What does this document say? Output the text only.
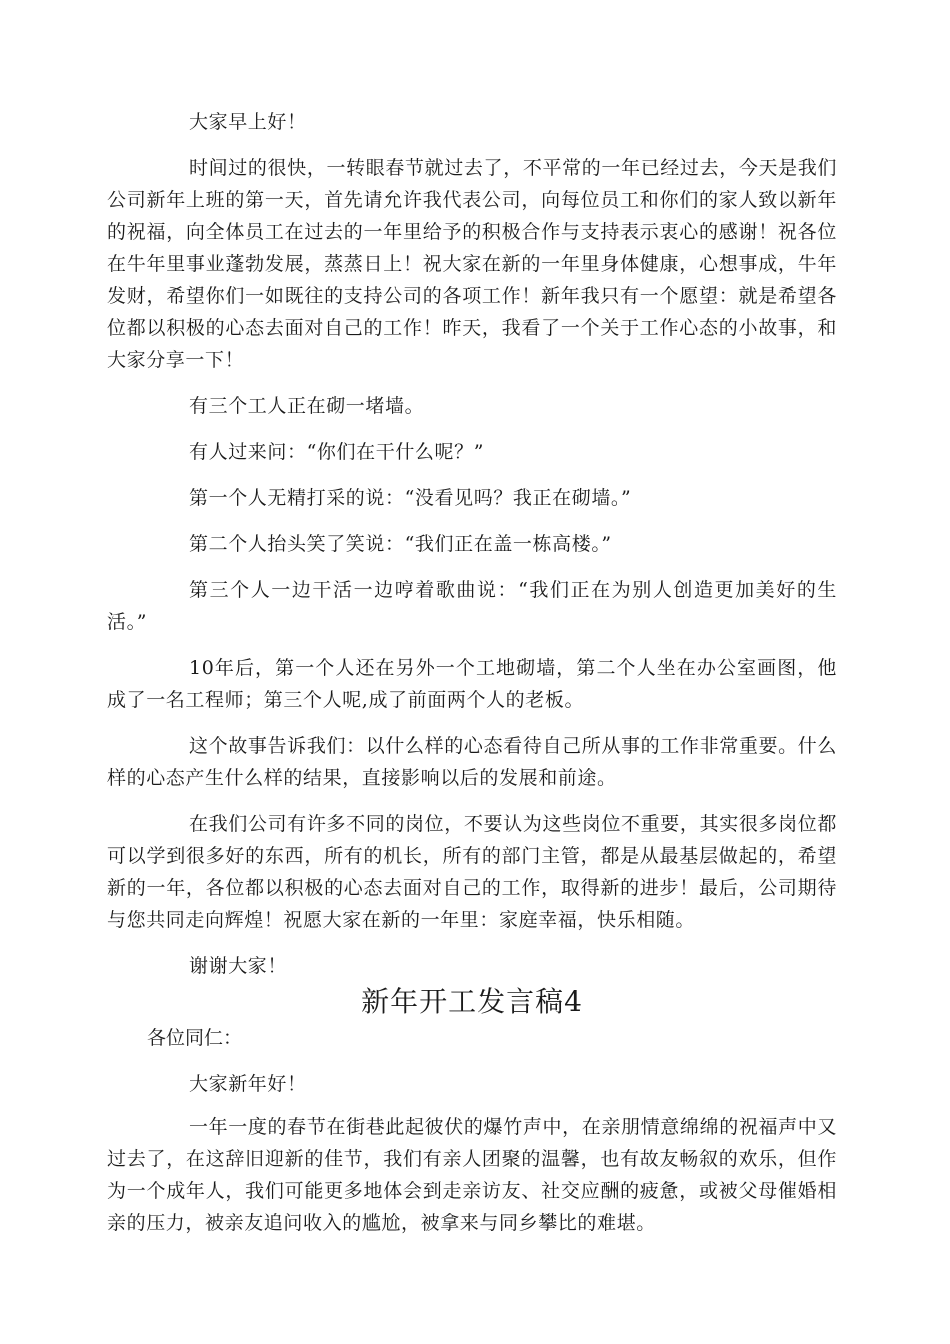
大家早上好！

时间过的很快，一转眼春节就过去了，不平常的一年已经过去，今天是我们公司新年上班的第一天，首先请允许我代表公司，向每位员工和你们的家人致以新年的祝福，向全体员工在过去的一年里给予的积极合作与支持表示衷心的感谢！祝各位在牛年里事业蓬勃发展，蒸蒸日上！祝大家在新的一年里身体健康，心想事成，牛年发财，希望你们一如既往的支持公司的各项工作！新年我只有一个愿望：就是希望各位都以积极的心态去面对自己的工作！昨天，我看了一个关于工作心态的小故事，和大家分享一下！

有三个工人正在砌一堵墙。

有人过来问：“你们在干什么呢？”

第一个人无精打采的说：“没看见吗？我正在砌墙。”

第二个人抬头笑了笑说：“我们正在盖一栋高楼。”

第三个人一边干活一边哼着歌曲说：“我们正在为别人创造更加美好的生活。”

10年后，第一个人还在另外一个工地砌墙，第二个人坐在办公室画图，他成了一名工程师；第三个人呢,成了前面两个人的老板。

这个故事告诉我们：以什么样的心态看待自己所从事的工作非常重要。什么样的心态产生什么样的结果，直接影响以后的发展和前途。

在我们公司有许多不同的岗位，不要认为这些岗位不重要，其实很多岗位都可以学到很多好的东西，所有的机长，所有的部门主管，都是从最基层做起的，希望新的一年，各位都以积极的心态去面对自己的工作，取得新的进步！最后，公司期待与您共同走向辉煌！祝愿大家在新的一年里：家庭幸福，快乐相随。

谢谢大家！

新年开工发言稿4

各位同仁：

大家新年好！

一年一度的春节在街巷此起彼伏的爆竹声中，在亲朋情意绵绵的祝福声中又过去了，在这辞旧迎新的佳节，我们有亲人团聚的温馨，也有故友畅叙的欢乐，但作为一个成年人，我们可能更多地体会到走亲访友、社交应酬的疲惫，或被父母催婚相亲的压力，被亲友追问收入的尴尬，被拿来与同乡攀比的难堪。
